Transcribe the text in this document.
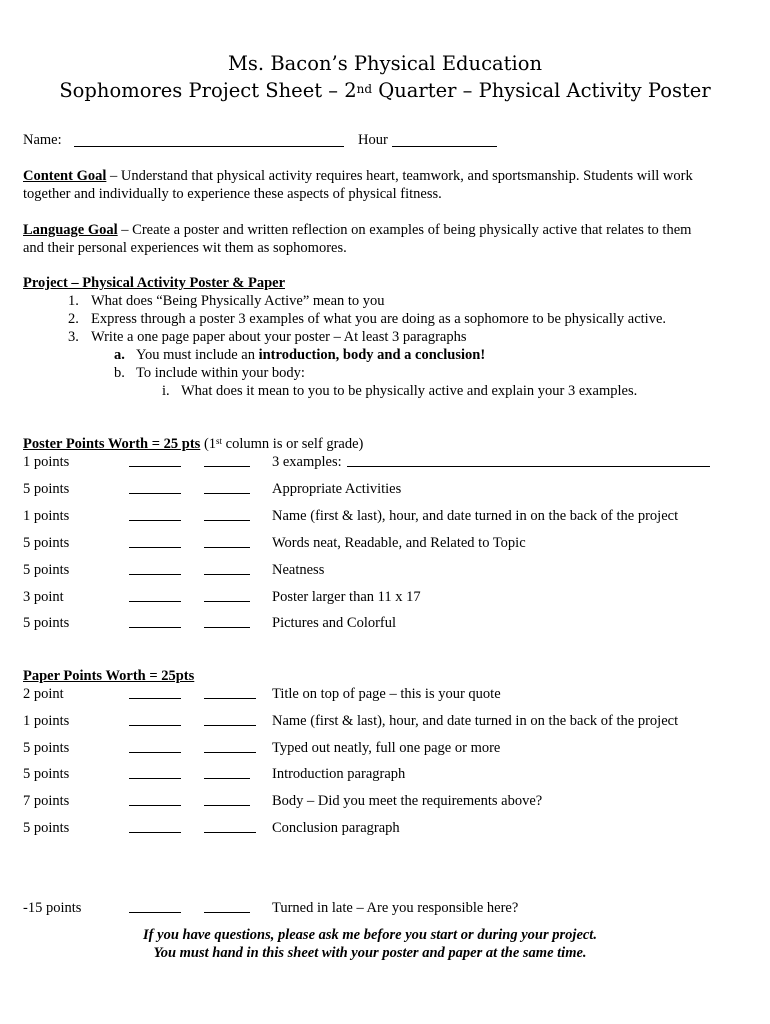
Ms. Bacon’s Physical Education
Sophomores Project Sheet – 2nd Quarter – Physical Activity Poster
Name:	Hour
Content Goal – Understand that physical activity requires heart, teamwork, and sportsmanship. Students will work together and individually to experience these aspects of physical fitness.
Language Goal – Create a poster and written reflection on examples of being physically active that relates to them and their personal experiences wit them as sophomores.
Project – Physical Activity Poster & Paper
1. What does “Being Physically Active” mean to you
2. Express through a poster 3 examples of what you are doing as a sophomore to be physically active.
3. Write a one page paper about your poster – At least 3 paragraphs
a. You must include an introduction, body and a conclusion!
b. To include within your body:
i. What does it mean to you to be physically active and explain your 3 examples.
Poster Points Worth = 25 pts (1st column is or self grade)
1 points	3 examples:
5 points	Appropriate Activities
1 points	Name (first & last), hour, and date turned in on the back of the project
5 points	Words neat, Readable, and Related to Topic
5 points	Neatness
3 point	Poster larger than 11 x 17
5 points	Pictures and Colorful
Paper Points Worth = 25pts
2 point	Title on top of page – this is your quote
1 points	Name (first & last), hour, and date turned in on the back of the project
5 points	Typed out neatly, full one page or more
5 points	Introduction paragraph
7 points	Body – Did you meet the requirements above?
5 points	Conclusion paragraph
-15 points	Turned in late – Are you responsible here?
If you have questions, please ask me before you start or during your project.
You must hand in this sheet with your poster and paper at the same time.
